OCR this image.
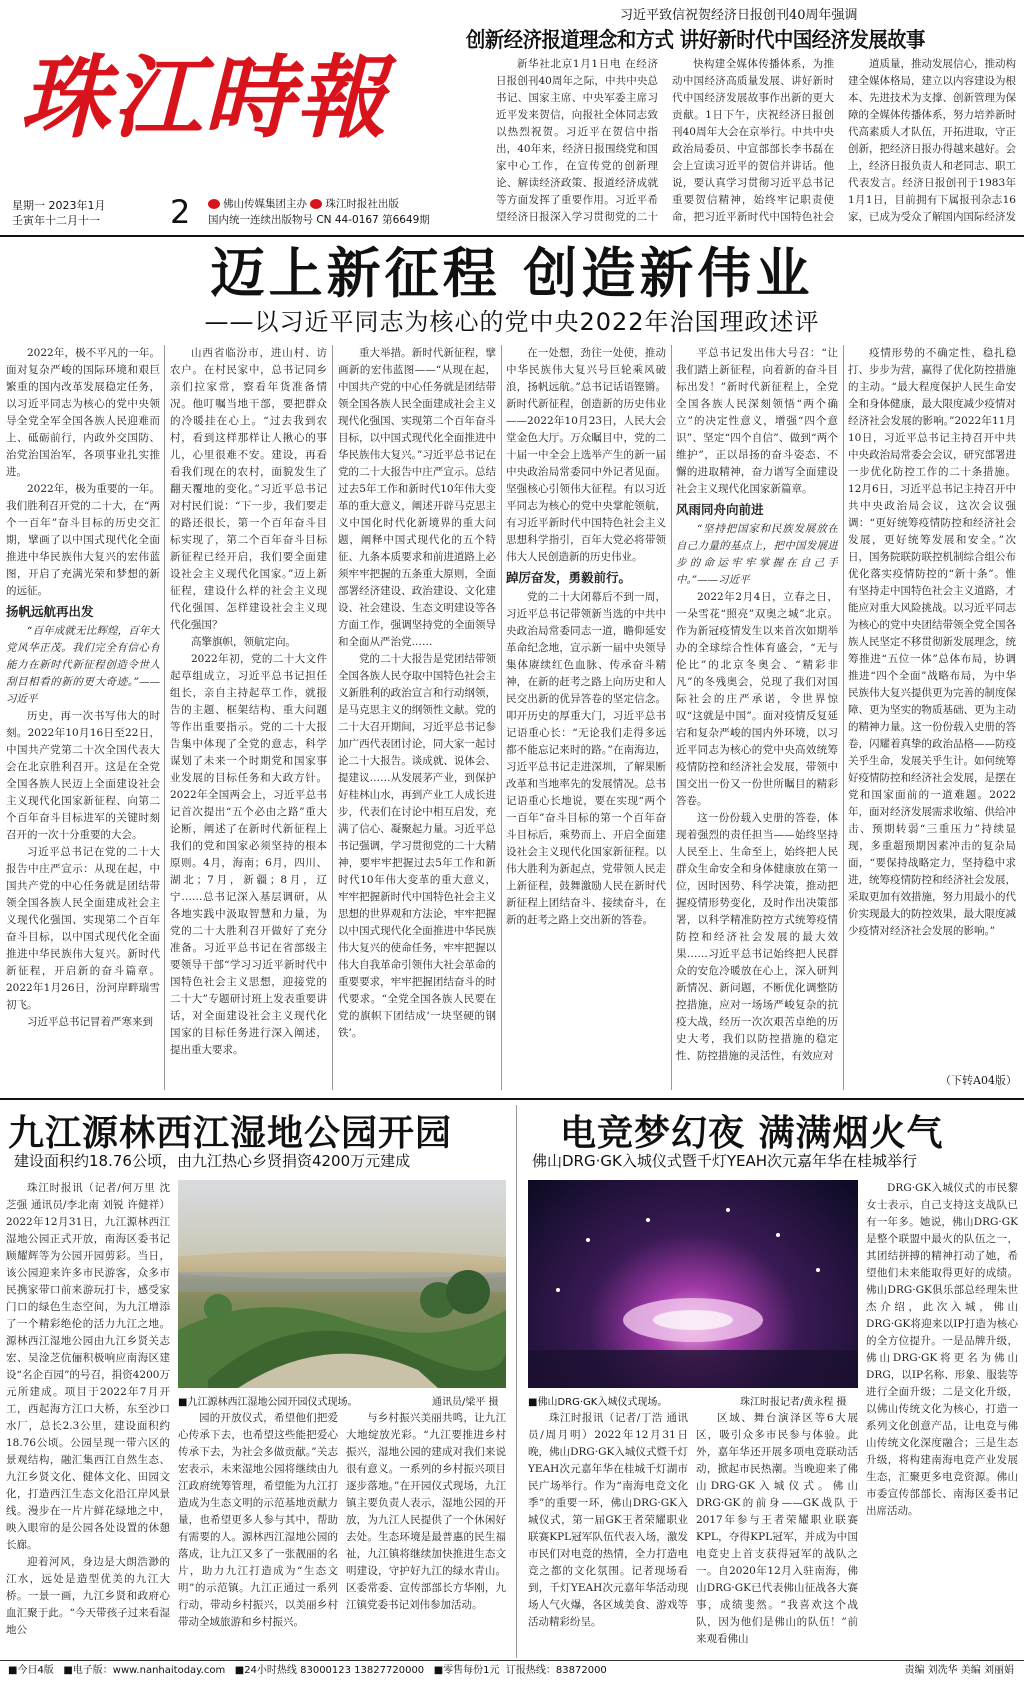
习近平致信祝贺经济日报创刊40周年强调
创新经济报道理念和方式 讲好新时代中国经济发展故事
珠江時報	新华社北京1月1日电 在经济日报创刊40周年之际，中共中央总书记、国家主席、中央军委主席习近平发来贺信，向报社全体同志致以热烈祝贺。习近平在贺信中指出，40年来，经济日报围绕党和国家中心工作，在宣传党的创新理论、解读经济政策、报道经济成就等方面发挥了重要作用。习近平希望经济日报深入学习贯彻党的二十

快构建全媒体传播体系，为推动中国经济高质量发展、讲好新时代中国经济发展故事作出新的更大贡献。1日下午，庆祝经济日报创刊40周年大会在京举行。中共中央政治局委员、中宣部部长李书磊在会上宣读习近平的贺信并讲话。他说，要认真学习贯彻习近平总书记重要贺信精神，始终牢记职责使命，把习近平新时代中国特色社会

道质量，推动发展信心，推动构建全媒体格局，建立以内容建设为根本、先进技术为支撑、创新管理为保障的全媒体传播体系，努力培养新时代高素质人才队伍，开拓进取，守正创新，把经济日报办得越来越好。会上，经济日报负责人和老同志、职工代表发言。经济日报创刊于1983年1月1日，目前拥有下属报刊杂志16家，已成为受众了解国内国际经济发

星期一 2023年1月
壬寅年十二月十一 2	佛山传媒集团主办 珠江时报社出版
国内统一连续出版物号 CN 44-0167 第6649期
迈上新征程 创造新伟业
——以习近平同志为核心的党中央2022年治国理政述评

2022年，极不平凡的一年。面对复杂严峻的国际环境和艰巨繁重的国内改革发展稳定任务，以习近平同志为核心的党中央领导全党全军全国各族人民迎难而上、砥砺前行，内政外交国防、治党治国治军，各项事业扎实推进。

2022年，极为重要的一年。我们胜利召开党的二十大，在“两个一百年”奋斗目标的历史交汇期，擘画了以中国式现代化全面推进中华民族伟大复兴的宏伟蓝图，开启了充满光荣和梦想的新的远征。

扬帆远航再出发

“百年成就无比辉煌，百年大党风华正茂。我们完全有信心有能力在新时代新征程创造令世人刮目相看的新的更大奇迹。”——习近平

历史，再一次书写伟大的时刻。2022年10月16日至22日，中国共产党第二十次全国代表大会在北京胜利召开。这是在全党全国各族人民迈上全面建设社会主义现代化国家新征程、向第二个百年奋斗目标进军的关键时刻召开的一次十分重要的大会。

习近平总书记在党的二十大报告中庄严宣示：从现在起，中国共产党的中心任务就是团结带领全国各族人民全面建成社会主义现代化强国、实现第二个百年奋斗目标，以中国式现代化全面推进中华民族伟大复兴。新时代新征程，开启新的奋斗篇章。2022年1月26日，汾河岸畔瑞雪初飞。

习近平总书记冒着严寒来到

山西省临汾市，进山村、访农户。在村民家中，总书记同乡亲们拉家常，察看年货准备情况。他叮嘱当地干部，要把群众的冷暖挂在心上。“过去我到农村，看到这样那样让人揪心的事儿，心里很难不安。建设，再看看我们现在的农村，面貌发生了翻天覆地的变化。”习近平总书记对村民们说：“下一步，我们要走的路还很长，第一个百年奋斗目标实现了，第二个百年奋斗目标新征程已经开启，我们要全面建设社会主义现代化国家。”迈上新征程，建设什么样的社会主义现代化强国、怎样建设社会主义现代化强国？

高擎旗帜，领航定向。

2022年初，党的二十大文件起草组成立，习近平总书记担任组长，亲自主持起草工作，就报告的主题、框架结构、重大问题等作出重要指示。党的二十大报告集中体现了全党的意志，科学谋划了未来一个时期党和国家事业发展的目标任务和大政方针。2022年全国两会上，习近平总书记首次提出“五个必由之路”重大论断，阐述了在新时代新征程上我们的党和国家必须坚持的根本原则。4月，海南；6月，四川、湖北；7月，新疆；8月，辽宁……总书记深入基层调研，从各地实践中汲取智慧和力量，为党的二十大胜利召开做好了充分准备。习近平总书记在省部级主要领导干部“学习习近平新时代中国特色社会主义思想，迎接党的二十大”专题研讨班上发表重要讲话，对全面建设社会主义现代化国家的目标任务进行深入阐述，提出重大要求。

重大举措。新时代新征程，擘画新的宏伟蓝图——“从现在起，中国共产党的中心任务就是团结带领全国各族人民全面建成社会主义现代化强国、实现第二个百年奋斗目标，以中国式现代化全面推进中华民族伟大复兴。”习近平总书记在党的二十大报告中庄严宣示。总结过去5年工作和新时代10年伟大变革的重大意义，阐述开辟马克思主义中国化时代化新境界的重大问题，阐释中国式现代化的五个特征、九条本质要求和前进道路上必须牢牢把握的五条重大原则，全面部署经济建设、政治建设、文化建设、社会建设、生态文明建设等各方面工作，强调坚持党的全面领导和全面从严治党……

党的二十大报告是党团结带领全国各族人民夺取中国特色社会主义新胜利的政治宣言和行动纲领，是马克思主义的纲领性文献。党的二十大召开期间，习近平总书记参加广西代表团讨论，同大家一起讨论二十大报告。谈成就、说体会、提建议……从发展茅产业，到保护好桂林山水，再到产业工人成长进步，代表们在讨论中相互启发，充满了信心、凝聚起力量。习近平总书记强调，学习贯彻党的二十大精神，要牢牢把握过去5年工作和新时代10年伟大变革的重大意义，牢牢把握新时代中国特色社会主义思想的世界观和方法论，牢牢把握以中国式现代化全面推进中华民族伟大复兴的使命任务，牢牢把握以伟大自我革命引领伟大社会革命的重要要求，牢牢把握团结奋斗的时代要求。“全党全国各族人民要在党的旗帜下团结成‘一块坚硬的钢铁’。

在一处想，劲往一处使，推动中华民族伟大复兴号巨轮乘风破浪，扬帆远航。”总书记话语铿锵。新时代新征程，创造新的历史伟业——2022年10月23日，人民大会堂金色大厅。万众瞩目中，党的二十届一中全会上选举产生的新一届中央政治局常委同中外记者见面。坚强核心引领伟大征程。有以习近平同志为核心的党中央掌舵领航，有习近平新时代中国特色社会主义思想科学指引，百年大党必将带领伟大人民创造新的历史伟业。

踔厉奋发，勇毅前行。

党的二十大闭幕后不到一周，习近平总书记带领新当选的中共中央政治局常委同志一道，瞻仰延安革命纪念地，宣示新一届中央领导集体赓续红色血脉、传承奋斗精神，在新的赶考之路上向历史和人民交出新的优异答卷的坚定信念。叩开历史的厚重大门，习近平总书记语重心长：“无论我们走得多远都不能忘记来时的路。”在南海边，习近平总书记走进深圳，了解果断改革和当地率先的发展情况。总书记语重心长地说，要在实现“两个一百年”奋斗目标的第一个百年奋斗目标后，乘势而上、开启全面建设社会主义现代化国家新征程。以伟大胜利为新起点，党带领人民走上新征程，鼓舞激励人民在新时代新征程上团结奋斗、接续奋斗，在新的赶考之路上交出新的答卷。

平总书记发出伟大号召：“让我们踏上新征程，向着新的奋斗目标出发！”新时代新征程上，全党全国各族人民深刻领悟“两个确立”的决定性意义，增强“四个意识”、坚定“四个自信”、做到“两个维护”，正以昂扬的奋斗姿态、不懈的进取精神，奋力谱写全面建设社会主义现代化国家新篇章。

风雨同舟向前进

“坚持把国家和民族发展放在自己力量的基点上，把中国发展进步的命运牢牢掌握在自己手中。”——习近平

2022年2月4日，立春之日，一朵雪花“照亮”双奥之城”北京。作为新冠疫情发生以来首次如期举办的全球综合性体育盛会，“无与伦比”的北京冬奥会、“精彩非凡”的冬残奥会，兑现了我们对国际社会的庄严承诺，令世界惊叹“这就是中国”。面对疫情反复延宕和复杂严峻的国内外环境，以习近平同志为核心的党中央高效统筹疫情防控和经济社会发展，带领中国交出一份又一份世所瞩目的精彩答卷。

这一份份载入史册的答卷，体现着强烈的责任担当——始终坚持人民至上、生命至上，始终把人民群众生命安全和身体健康放在第一位，因时因势、科学决策，推动把握疫情形势变化，及时作出决策部署，以科学精准防控方式统筹疫情防控和经济社会发展的最大效果……习近平总书记始终把人民群众的安危冷暖放在心上，深入研判新情况、新问题，不断优化调整防控措施，应对一场场严峻复杂的抗疫大战，经历一次次艰苦卓绝的历史大考，我们以防控措施的稳定性、防控措施的灵活性，有效应对

疫情形势的不确定性，稳扎稳打、步步为营，赢得了优化防控措施的主动。“最大程度保护人民生命安全和身体健康，最大限度减少疫情对经济社会发展的影响。”2022年11月10日，习近平总书记主持召开中共中央政治局常委会会议，研究部署进一步优化防控工作的二十条措施。12月6日，习近平总书记主持召开中共中央政治局会议，这次会议强调：“更好统筹疫情防控和经济社会发展，更好统筹发展和安全。”次日，国务院联防联控机制综合组公布优化落实疫情防控的“新十条”。惟有坚持走中国特色社会主义道路，才能应对重大风险挑战。以习近平同志为核心的党中央团结带领全党全国各族人民坚定不移贯彻新发展理念，统筹推进“五位一体”总体布局，协调推进“四个全面”战略布局，为中华民族伟大复兴提供更为完善的制度保障、更为坚实的物质基础、更为主动的精神力量。这一份份载入史册的答卷，闪耀着真挚的政治品格——防疫关乎生命，发展关乎生计。如何统筹好疫情防控和经济社会发展，是摆在党和国家面前的一道难题。2022年，面对经济发展需求收缩、供给冲击、预期转弱“三重压力”持续显现，多重超预期因素冲击的复杂局面，“要保持战略定力，坚持稳中求进，统筹疫情防控和经济社会发展，采取更加有效措施，努力用最小的代价实现最大的防控效果，最大限度减少疫情对经济社会发展的影响。”

（下转A04版）
九江源林西江湿地公园开园
建设面积约18.76公顷，由九江热心乡贤捐资4200万元建成

珠江时报讯（记者/何万里 沈芝强 通讯员/李北南 刘锐 许健祥）2022年12月31日，九江源林西江湿地公园正式开放，南海区委书记顾耀辉等为公园开园剪彩。当日，该公园迎来许多市民游客，众多市民携家带口前来游玩打卡，感受家门口的绿色生态空间，为九江增添了一个精彩绝伦的活力九江之地。源林西江湿地公园由九江乡贤关志宏、吴淦芝伉俪积极响应南海区建设“名企百园”的号召，捐资4200万元所建成。项目于2022年7月开工，西起海方江口大桥，东至沙口水厂，总长2.3公里，建设面积约18.76公顷。公园呈现一带六区的景观结构，融汇集西江自然生态、九江乡贤文化、健体文化、田园文化，打造西江生态文化沿江岸风景线。漫步在一片片鲜花绿地之中，映入眼帘的是公园各处设置的休憩长廊。

迎着河风，身边是大朗浩渺的江水，远处是造型优美的九江大桥。一景一画，九江乡贤和政府心血汇聚于此。“今天带孩子过来看湿地公

■九江源林西江湿地公园开园仪式现场。	通讯员/梁平 摄

园的开放仪式，希望他们把爱心传承下去，也希望这些能把爱心传承下去，为社会多做贡献。”关志宏表示，未来湿地公园将继续由九江政府统筹管理，希望能为九江打造成为生态文明的示范基地贡献力量，也希望更多人参与其中，帮助有需要的人。源林西江湿地公园的落成，让九江又多了一张靓丽的名片，助力九江打造成为“生态文明”的示范镇。九江正通过一系列行动，带动乡村振兴，以美丽乡村带动全域旅游和乡村振兴。

与乡村振兴美丽共鸣，让九江大地绽放光彩。“九江要推进乡村振兴，湿地公园的建成对我们来说很有意义。一系列的乡村振兴项目逐步落地。”在开园仪式现场，九江镇主要负责人表示，湿地公园的开放，为九江人民提供了一个休闲好去处。生态环境是最普惠的民生福祉，九江镇将继续加快推进生态文明建设，守护好九江的绿水青山。区委常委、宣传部部长方华刚，九江镇党委书记刘伟参加活动。

电竞梦幻夜 满满烟火气
佛山DRG·GK入城仪式暨千灯YEAH次元嘉年华在桂城举行
■佛山DRG·GK入城仪式现场。	珠江时报记者/黄永程 摄

珠江时报讯（记者/丁浩 通讯员/周月明）2022年12月31日晚，佛山DRG·GK入城仪式暨千灯YEAH次元嘉年华在桂城千灯湖市民广场举行。作为“南海电竞文化季”的重要一环，佛山DRG·GK入城仪式，第一届GK王者荣耀职业联赛KPL冠军队伍代表入场，激发市民们对电竞的热情，全力打造电竞之都的文化氛围。记者现场看到，千灯YEAH次元嘉年华活动现场人气火爆，各区域美食、游戏等活动精彩纷呈。

区域、舞台演泽区等6大展区，吸引众多市民参与体验。此外，嘉年华还开展多项电竞联动活动，掀起市民热潮。当晚迎来了佛山DRG·GK入城仪式。佛山DRG·GK的前身——GK战队于2017年参与王者荣耀职业联赛KPL，夺得KPL冠军，并成为中国电竞史上首支获得冠军的战队之一。自2020年12月入驻南海，佛山DRG·GK已代表佛山征战各大赛事，成绩斐然。“我喜欢这个战队，因为他们是佛山的队伍！”前来观看佛山

DRG·GK入城仪式的市民黎女士表示，自己支持这支战队已有一年多。她说，佛山DRG·GK是整个联盟中最火的队伍之一，其团结拼搏的精神打动了她，希望他们未来能取得更好的成绩。佛山DRG·GK俱乐部总经理朱世杰介绍，此次入城，佛山DRG·GK将迎来以IP打造为核心的全方位提升。一是品牌升级，佛山DRG·GK将更名为佛山DRG，以IP名称、形象、服装等进行全面升级；二是文化升级，以佛山传统文化为核心，打造一系列文化创意产品，让电竞与佛山传统文化深度融合；三是生态升级，将构建南海电竞产业发展生态，汇聚更多电竞资源。佛山市委宣传部部长、南海区委书记出席活动。

■今日4版 ■电子版：www.nanhaitoday.com ■24小时热线 83000123 13827720000 ■零售每份1元 订报热线：83872000	责编 刘冼华 美编 刘丽娟
